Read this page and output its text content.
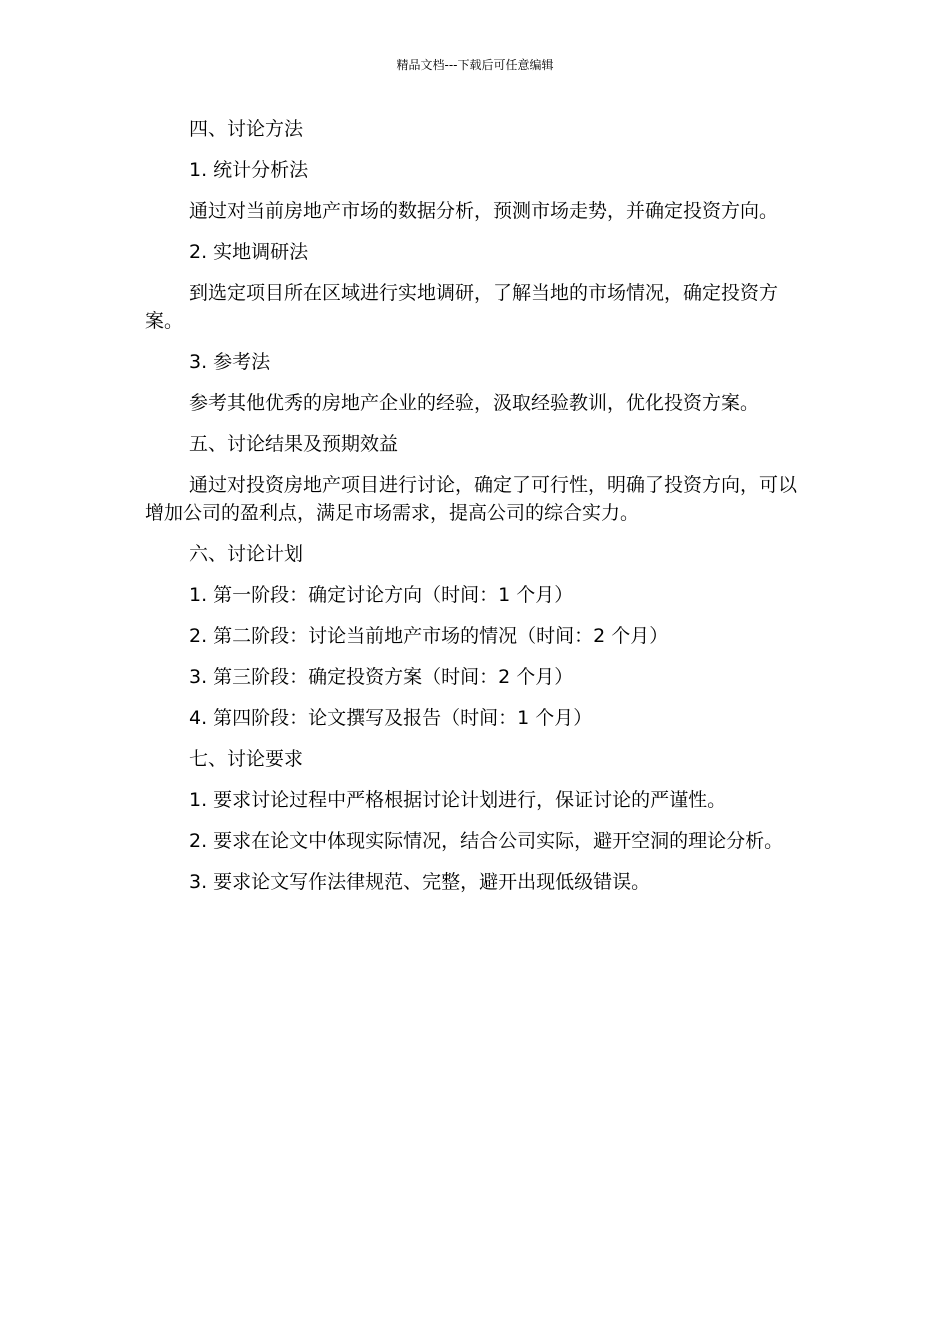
精品文档---下载后可任意编辑

四、讨论方法

1. 统计分析法

通过对当前房地产市场的数据分析，预测市场走势，并确定投资方向。

2. 实地调研法

到选定项目所在区域进行实地调研，了解当地的市场情况，确定投资方案。

3. 参考法

参考其他优秀的房地产企业的经验，汲取经验教训，优化投资方案。

五、讨论结果及预期效益

通过对投资房地产项目进行讨论，确定了可行性，明确了投资方向，可以增加公司的盈利点，满足市场需求，提高公司的综合实力。

六、讨论计划

1. 第一阶段：确定讨论方向（时间：1 个月）

2. 第二阶段：讨论当前地产市场的情况（时间：2 个月）

3. 第三阶段：确定投资方案（时间：2 个月）

4. 第四阶段：论文撰写及报告（时间：1 个月）

七、讨论要求

1. 要求讨论过程中严格根据讨论计划进行，保证讨论的严谨性。

2. 要求在论文中体现实际情况，结合公司实际，避开空洞的理论分析。

3. 要求论文写作法律规范、完整，避开出现低级错误。
